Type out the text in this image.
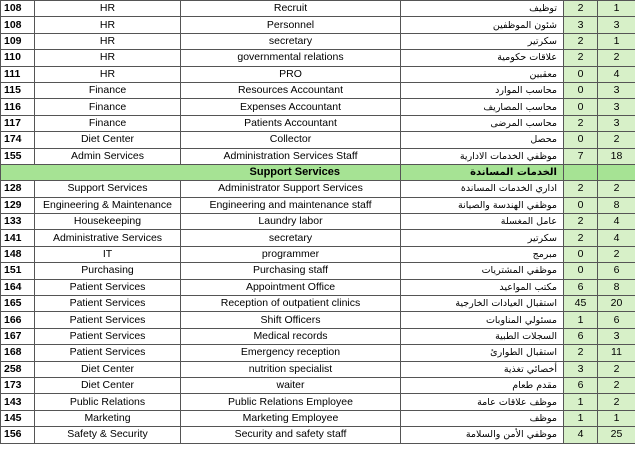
108	HR	Recruit	توظيف	2	1
108	HR	Personnel	شئون الموظفين	3	3
109	HR	secretary	سكرتير	2	1
110	HR	governmental relations	علاقات حكومية	2	2
111	HR	PRO	معقبين	0	4
115	Finance	Resources Accountant	محاسب الموارد	0	3
116	Finance	Expenses Accountant	محاسب المصاريف	0	3
117	Finance	Patients Accountant	محاسب المرضى	2	3
174	Diet Center	Collector	محصل	0	2
155	Admin Services	Administration Services Staff	موظفي الخدمات الادارية	7	18
Support Services			الخدمات المساندة		
128	Support Services	Administrator Support Services	اداري الخدمات المساندة	2	2
129	Engineering & Maintenance	Engineering and maintenance staff	موظفي الهندسة والصيانة	0	8
133	Housekeeping	Laundry labor	عامل المغسلة	2	4
141	Administrative Services	secretary	سكرتير	2	4
148	IT	programmer	مبرمج	0	2
151	Purchasing	Purchasing staff	موظفي المشتريات	0	6
164	Patient Services	Appointment Office	مكتب المواعيد	6	8
165	Patient Services	Reception of outpatient clinics	استقبال العيادات الخارجية	45	20
166	Patient Services	Shift Officers	مسئولي المناوبات	1	6
167	Patient Services	Medical records	السجلات الطبية	6	3
168	Patient Services	Emergency reception	استقبال الطوارئ	2	11
258	Diet Center	nutrition specialist	أخصائي تغذية	3	2
173	Diet Center	waiter	مقدم طعام	6	2
143	Public Relations	Public Relations Employee	موظف علاقات عامة	1	2
145	Marketing	Marketing Employee	موظف	1	1
156	Safety & Security	Security and safety staff	موظفي الأمن والسلامة	4	25
